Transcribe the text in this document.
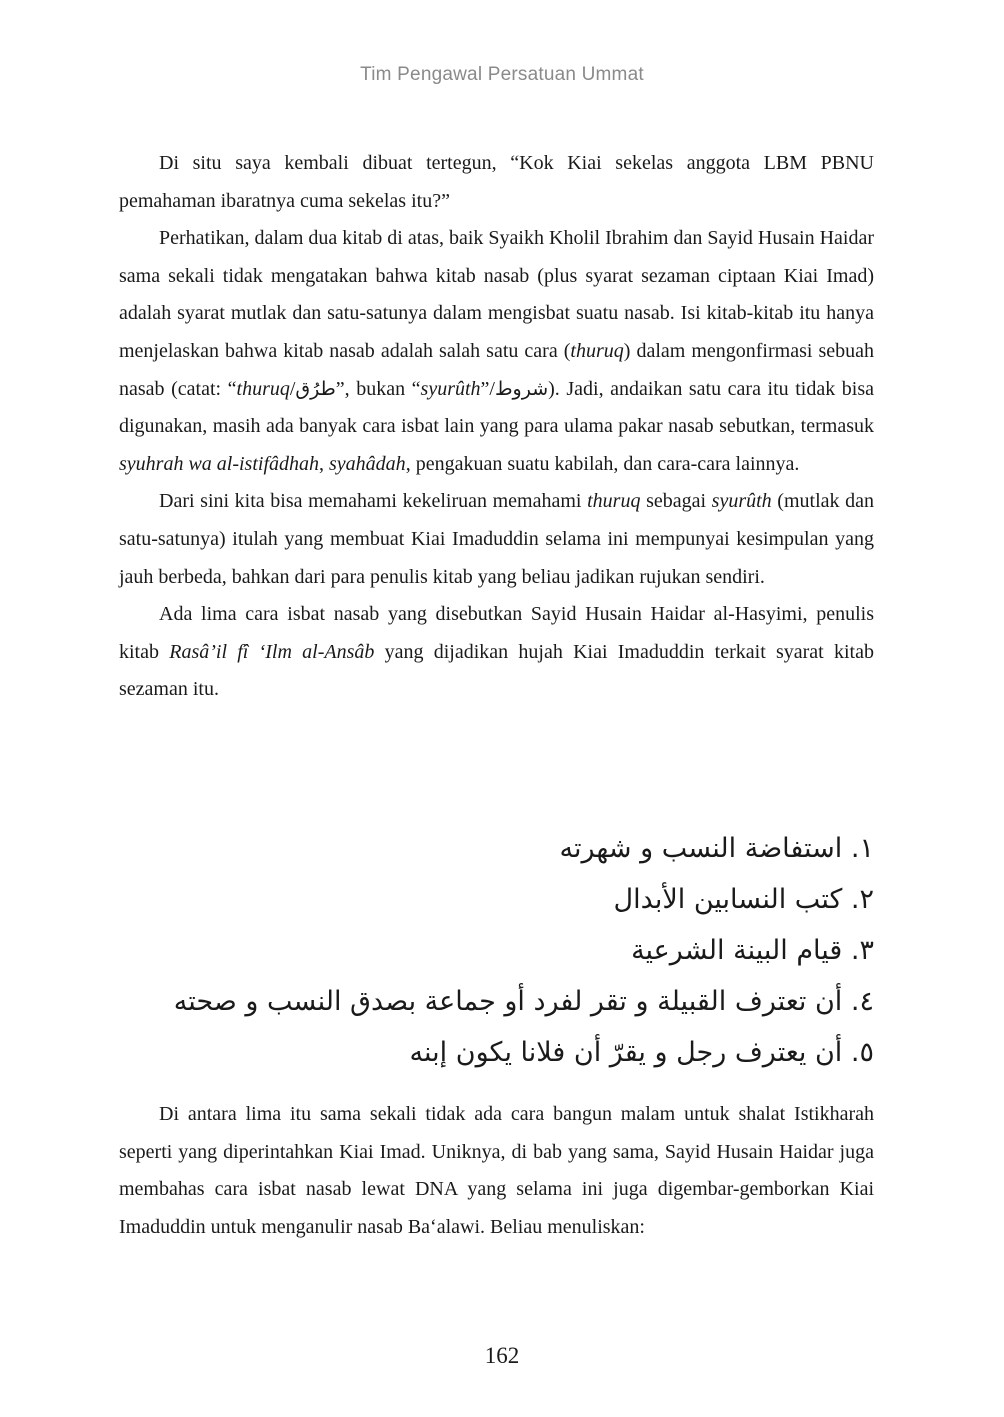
Tim Pengawal Persatuan Ummat

Di situ saya kembali dibuat tertegun, “Kok Kiai sekelas anggota LBM PBNU pemahaman ibaratnya cuma sekelas itu?”

Perhatikan, dalam dua kitab di atas, baik Syaikh Kholil Ibrahim dan Sayid Husain Haidar sama sekali tidak mengatakan bahwa kitab nasab (plus syarat sezaman ciptaan Kiai Imad) adalah syarat mutlak dan satu-satunya dalam mengisbat suatu nasab. Isi kitab-kitab itu hanya menjelaskan bahwa kitab nasab adalah salah satu cara (thuruq) dalam mengonfirmasi sebuah nasab (catat: “thuruq/طرُق”, bukan “syurûth”/شروط). Jadi, andaikan satu cara itu tidak bisa digunakan, masih ada banyak cara isbat lain yang para ulama pakar nasab sebutkan, termasuk syuhrah wa al-istifâdhah, syahâdah, pengakuan suatu kabilah, dan cara-cara lainnya.

Dari sini kita bisa memahami kekeliruan memahami thuruq sebagai syurûth (mutlak dan satu-satunya) itulah yang membuat Kiai Imaduddin selama ini mempunyai kesimpulan yang jauh berbeda, bahkan dari para penulis kitab yang beliau jadikan rujukan sendiri.

Ada lima cara isbat nasab yang disebutkan Sayid Husain Haidar al-Hasyimi, penulis kitab Rasâ’il fî ‘Ilm al-Ansâb yang dijadikan hujah Kiai Imaduddin terkait syarat kitab sezaman itu.

١. استفاضة النسب و شهرته
٢. كتب النسابين الأبدال
٣. قيام البينة الشرعية
٤. أن تعترف القبيلة و تقر لفرد أو جماعة بصدق النسب و صحته
٥. أن يعترف رجل و يقرّ أن فلانا يكون إبنه

Di antara lima itu sama sekali tidak ada cara bangun malam untuk shalat Istikharah seperti yang diperintahkan Kiai Imad. Uniknya, di bab yang sama, Sayid Husain Haidar juga membahas cara isbat nasab lewat DNA yang selama ini juga digembar-gemborkan Kiai Imaduddin untuk menganulir nasab Ba‘alawi. Beliau menuliskan:

162
